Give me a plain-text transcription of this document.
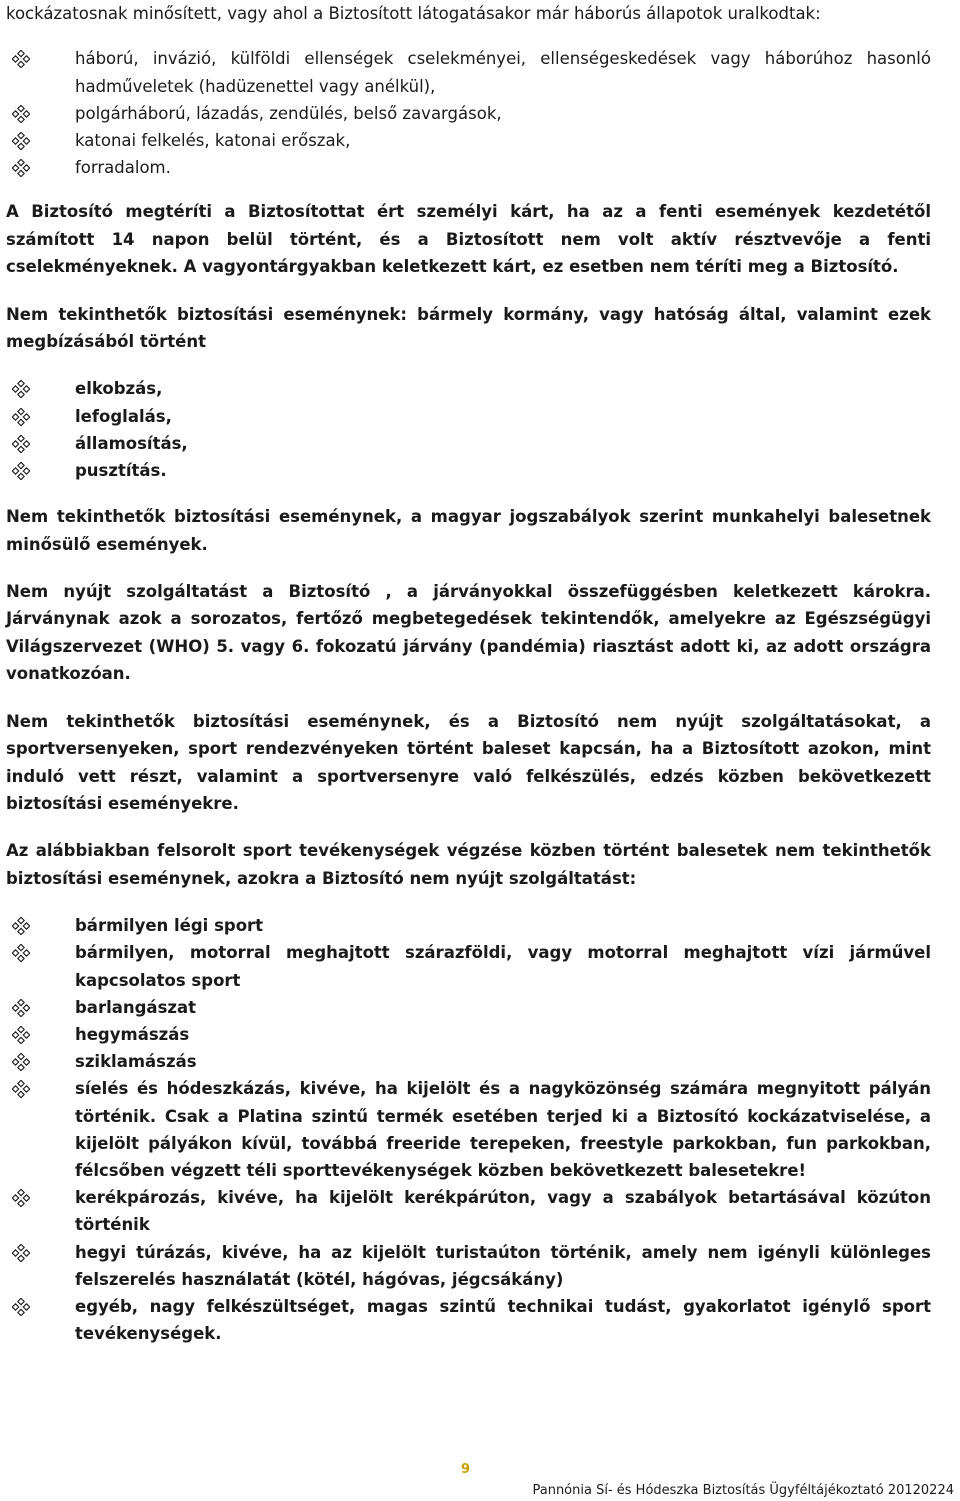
kockázatosnak minősített, vagy ahol a Biztosított látogatásakor már háborús állapotok uralkodtak:

háború, invázió, külföldi ellenségek cselekményei, ellenségeskedések vagy háborúhoz hasonló hadműveletek (hadüzenettel vagy anélkül),
polgárháború, lázadás, zendülés, belső zavargások,
katonai felkelés, katonai erőszak,
forradalom.

A Biztosító megtéríti a Biztosítottat ért személyi kárt, ha az a fenti események kezdetétől számított 14 napon belül történt, és a Biztosított nem volt aktív résztvevője a fenti cselekményeknek. A vagyontárgyakban keletkezett kárt, ez esetben nem téríti meg a Biztosító.

Nem tekinthetők biztosítási eseménynek: bármely kormány, vagy hatóság által, valamint ezek megbízásából történt

elkobzás,
lefoglalás,
államosítás,
pusztítás.

Nem tekinthetők biztosítási eseménynek, a magyar jogszabályok szerint munkahelyi balesetnek minősülő események.

Nem nyújt szolgáltatást a Biztosító , a járványokkal összefüggésben keletkezett károkra. Járványnak azok a sorozatos, fertőző megbetegedések tekintendők, amelyekre az Egészségügyi Világszervezet (WHO) 5. vagy 6. fokozatú járvány (pandémia) riasztást adott ki, az adott országra vonatkozóan.

Nem tekinthetők biztosítási eseménynek, és a Biztosító nem nyújt szolgáltatásokat, a sportversenyeken, sport rendezvényeken történt baleset kapcsán, ha a Biztosított azokon, mint induló vett részt, valamint a sportversenyre való felkészülés, edzés közben bekövetkezett biztosítási eseményekre.

Az alábbiakban felsorolt sport tevékenységek végzése közben történt balesetek nem tekinthetők biztosítási eseménynek, azokra a Biztosító nem nyújt szolgáltatást:

bármilyen légi sport
bármilyen, motorral meghajtott szárazföldi, vagy motorral meghajtott vízi járművel kapcsolatos sport
barlangászat
hegymászás
sziklamászás
síelés és hódeszkázás, kivéve, ha kijelölt és a nagyközönség számára megnyitott pályán történik. Csak a Platina szintű termék esetében terjed ki a Biztosító kockázatviselése, a kijelölt pályákon kívül, továbbá freeride terepeken, freestyle parkokban, fun parkokban, félcsőben végzett téli sporttevékenységek közben bekövetkezett balesetekre!
kerékpározás, kivéve, ha kijelölt kerékpárúton, vagy a szabályok betartásával közúton történik
hegyi túrázás, kivéve, ha az kijelölt turistaúton történik, amely nem igényli különleges felszerelés használatát (kötél, hágóvas, jégcsákány)
egyéb, nagy felkészültséget, magas szintű technikai tudást, gyakorlatot igénylő sport tevékenységek.
9
Pannónia Sí- és Hódeszka Biztosítás Ügyféltájékoztató 20120224
